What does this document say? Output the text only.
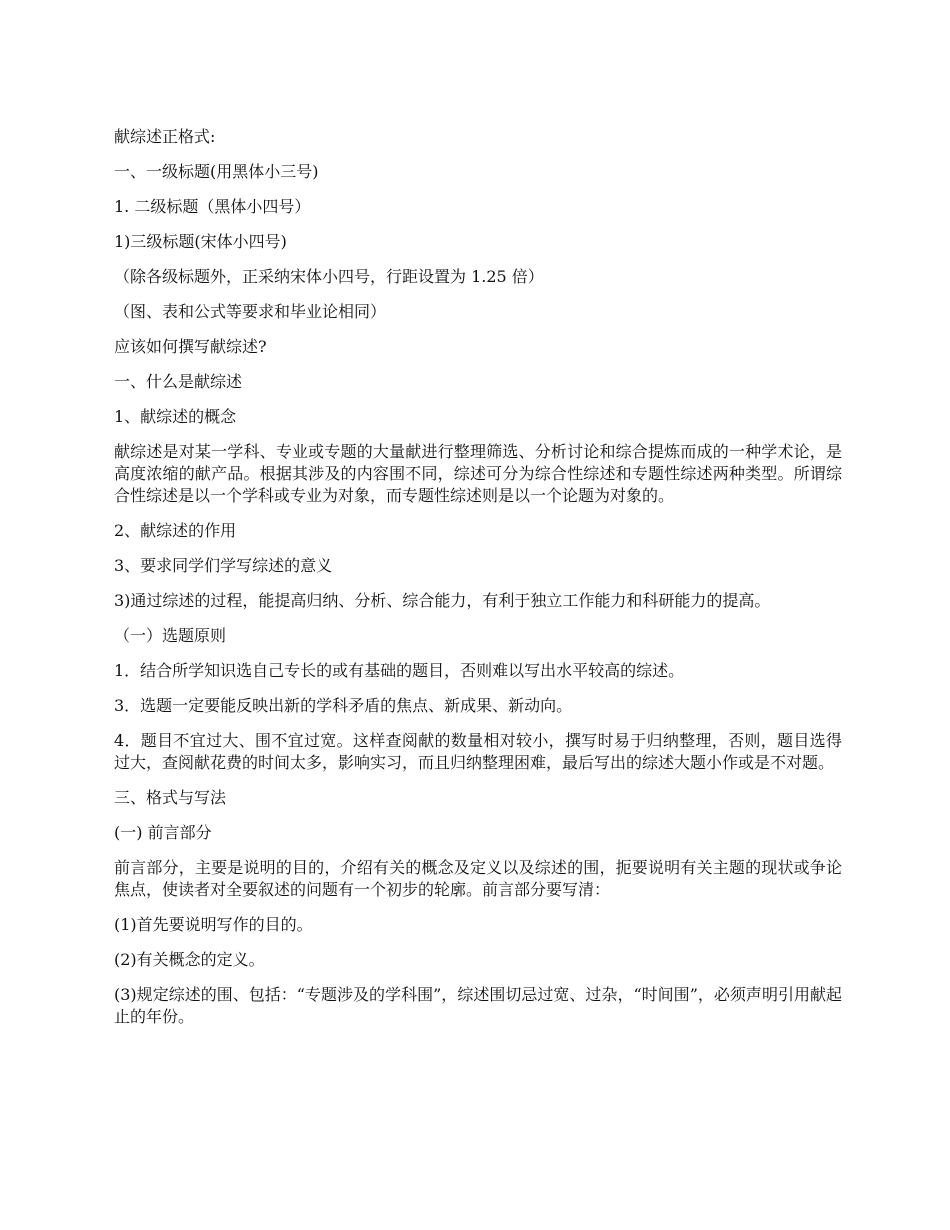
献综述正格式:

一、一级标题(用黑体小三号)

1. 二级标题（黑体小四号）

1)三级标题(宋体小四号)

（除各级标题外，正采纳宋体小四号，行距设置为 1.25 倍）

（图、表和公式等要求和毕业论相同）

应该如何撰写献综述?

一、什么是献综述

1、献综述的概念

献综述是对某一学科、专业或专题的大量献进行整理筛选、分析讨论和综合提炼而成的一种学术论，是高度浓缩的献产品。根据其涉及的内容围不同，综述可分为综合性综述和专题性综述两种类型。所谓综合性综述是以一个学科或专业为对象，而专题性综述则是以一个论题为对象的。

2、献综述的作用

3、要求同学们学写综述的意义

3)通过综述的过程，能提高归纳、分析、综合能力，有利于独立工作能力和科研能力的提高。

（一）选题原则

1．结合所学知识选自己专长的或有基础的题目，否则难以写出水平较高的综述。

3．选题一定要能反映出新的学科矛盾的焦点、新成果、新动向。

4．题目不宜过大、围不宜过宽。这样查阅献的数量相对较小，撰写时易于归纳整理，否则，题目选得过大，查阅献花费的时间太多，影响实习，而且归纳整理困难，最后写出的综述大题小作或是不对题。

三、格式与写法

(一) 前言部分

前言部分，主要是说明的目的，介绍有关的概念及定义以及综述的围，扼要说明有关主题的现状或争论焦点，使读者对全要叙述的问题有一个初步的轮廓。前言部分要写清：

(1)首先要说明写作的目的。

(2)有关概念的定义。

(3)规定综述的围、包括：“专题涉及的学科围”，综述围切忌过宽、过杂，“时间围”，必须声明引用献起止的年份。
